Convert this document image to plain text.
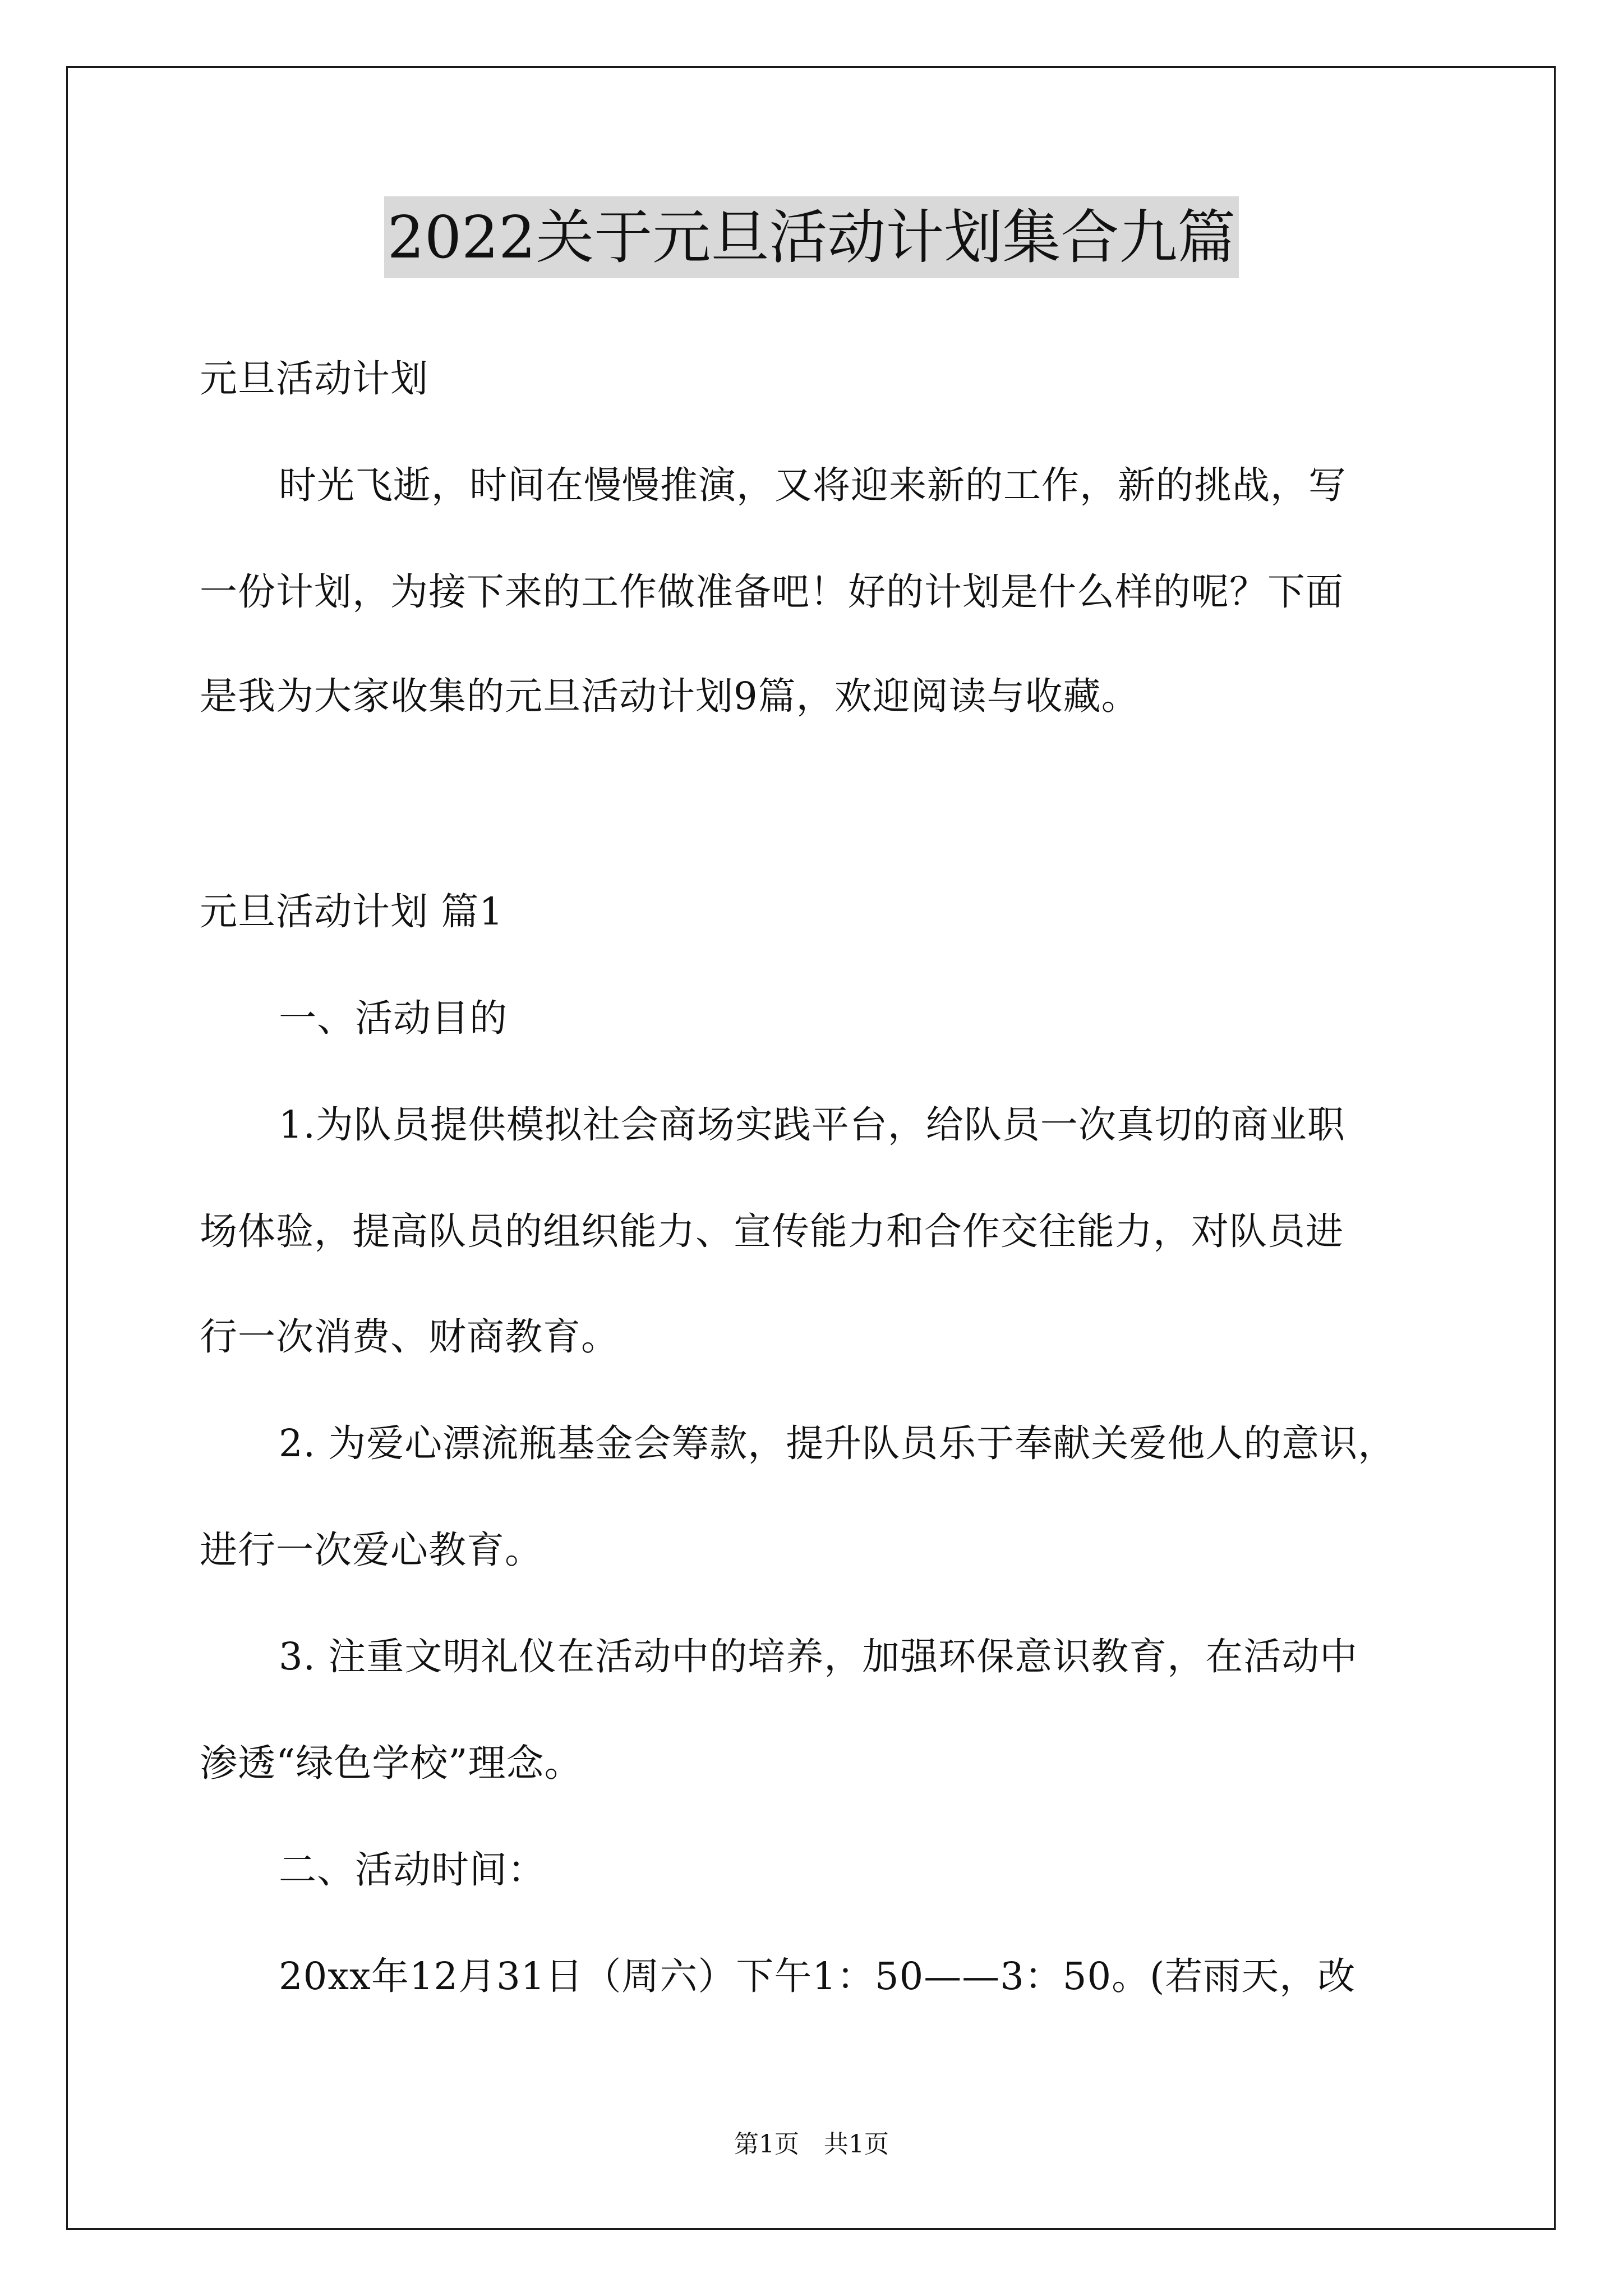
2022关于元旦活动计划集合九篇
元旦活动计划
时光飞逝，时间在慢慢推演，又将迎来新的工作，新的挑战，写
一份计划，为接下来的工作做准备吧！好的计划是什么样的呢？下面
是我为大家收集的元旦活动计划9篇，欢迎阅读与收藏。
元旦活动计划 篇1
一、活动目的
1.为队员提供模拟社会商场实践平台，给队员一次真切的商业职
场体验，提高队员的组织能力、宣传能力和合作交往能力，对队员进
行一次消费、财商教育。
2. 为爱心漂流瓶基金会筹款，提升队员乐于奉献关爱他人的意识，
进行一次爱心教育。
3. 注重文明礼仪在活动中的培养，加强环保意识教育，在活动中
渗透“绿色学校”理念。
二、活动时间：
20xx年12月31日（周六）下午1：50——3：50。(若雨天，改
第1页　共1页
